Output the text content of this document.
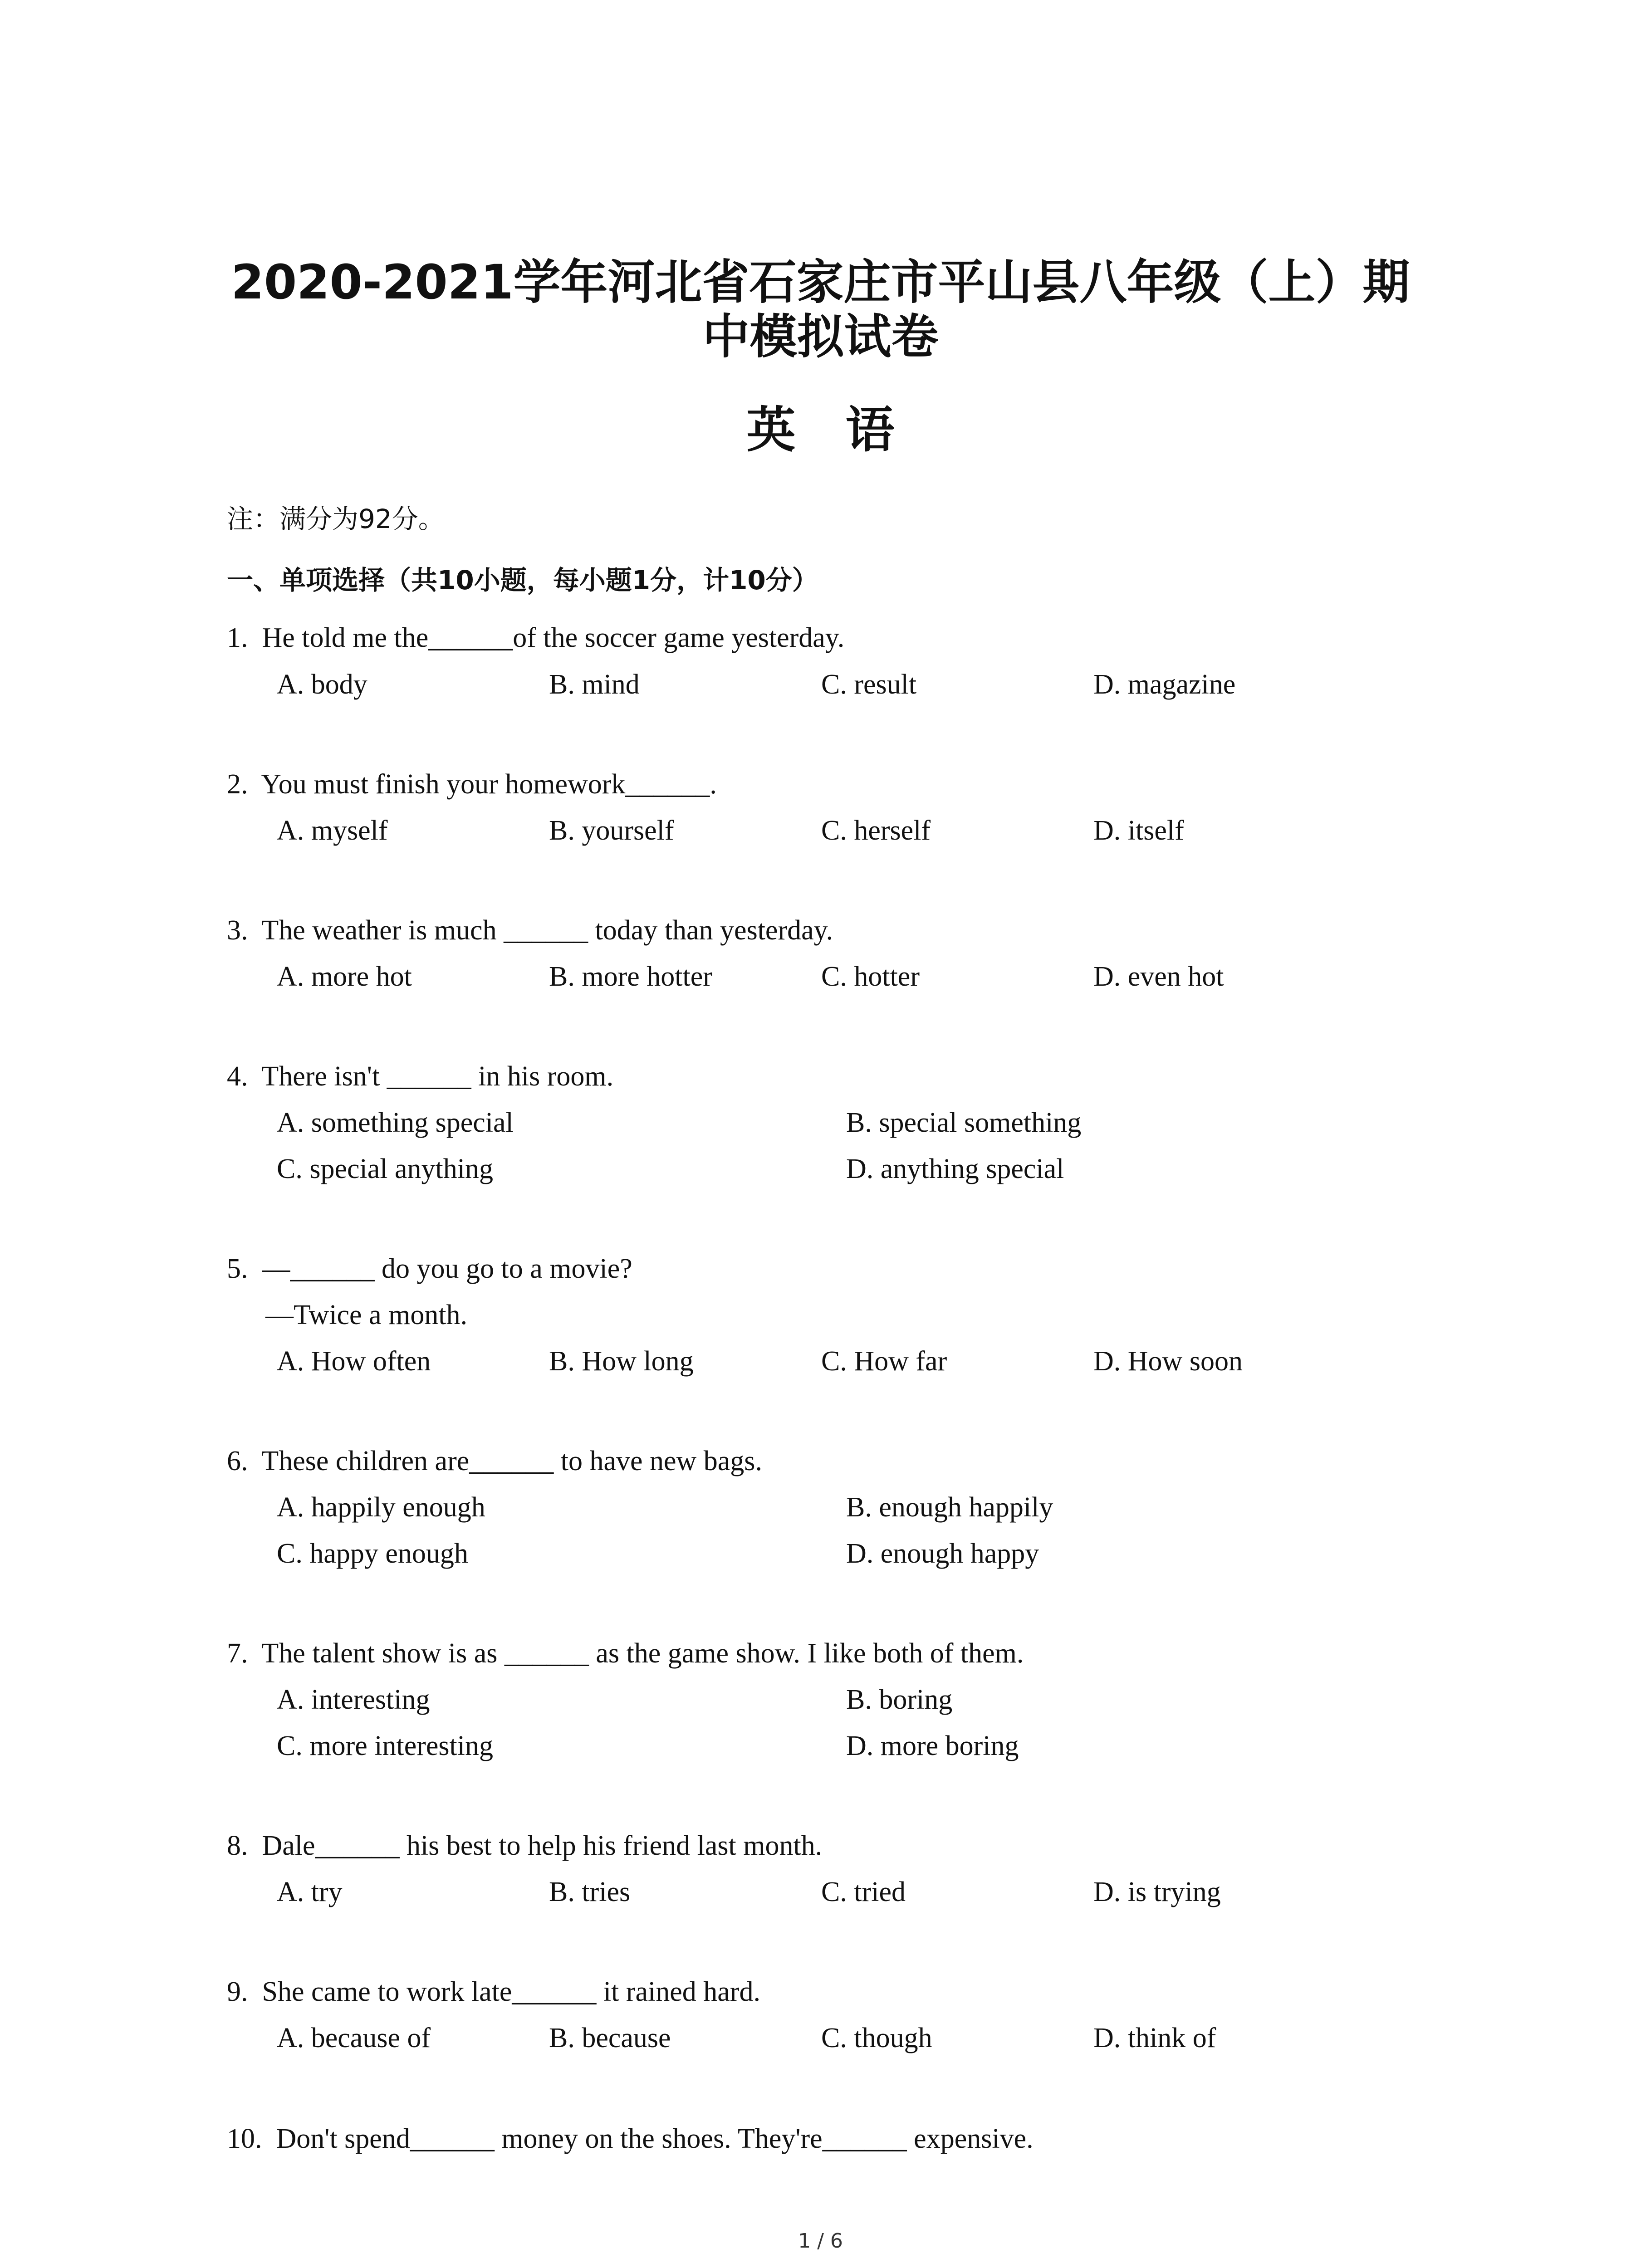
2020-2021学年河北省石家庄市平山县八年级（上）期
中模拟试卷
英语
注：满分为92分。
一、单项选择（共10小题，每小题1分，计10分）
1.  He told me the______of the soccer game yesterday.
A. body	B. mind	C. result	D. magazine
2.  You must finish your homework______.
A. myself	B. yourself	C. herself	D. itself
3.  The weather is much ______ today than yesterday.
A. more hot	B. more hotter	C. hotter	D. even hot
4.  There isn't ______ in his room.
A. something special	B. special something
C. special anything	D. anything special
5.  —______ do you go to a movie?
—Twice a month.
A. How often	B. How long	C. How far	D. How soon
6.  These children are______ to have new bags.
A. happily enough	B. enough happily
C. happy enough	D. enough happy
7.  The talent show is as ______ as the game show. I like both of them.
A. interesting	B. boring
C. more interesting	D. more boring
8.  Dale______ his best to help his friend last month.
A. try	B. tries	C. tried	D. is trying
9.  She came to work late______ it rained hard.
A. because of	B. because	C. though	D. think of
10.  Don't spend______ money on the shoes. They're______ expensive.
1 / 6
